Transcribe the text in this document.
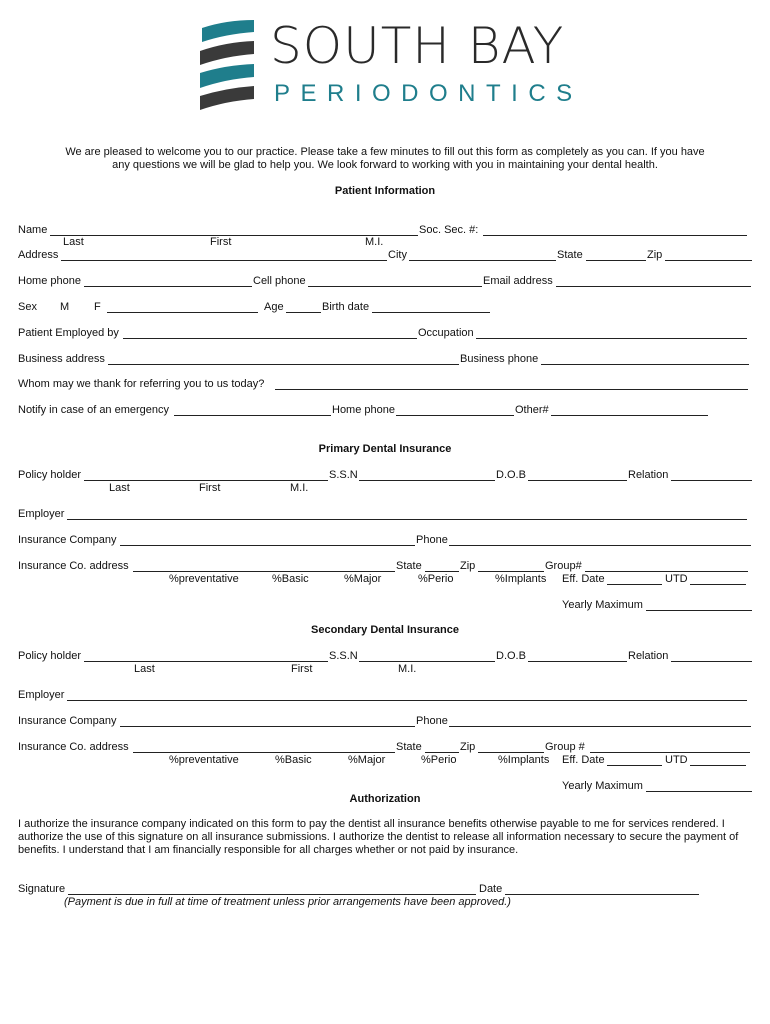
SOUTH BAY
PERIODONTICS
We are pleased to welcome you to our practice. Please take a few minutes to fill out this form as completely as you can. If you have any questions we will be glad to help you. We look forward to working with you in maintaining your dental health.
Patient Information
Name	Soc. Sec. #:
Last	First	M.I.
Address	City	State	Zip
Home phone	Cell phone	Email address
Sex M F	Age	Birth date
Patient Employed by	Occupation
Business address	Business phone
Whom may we thank for referring you to us today?
Notify in case of an emergency	Home phone	Other#
Primary Dental Insurance
Policy holder	S.S.N	D.O.B	Relation
Last	First	M.I.
Employer
Insurance Company	Phone
Insurance Co. address	State	Zip	Group#
%preventative	%Basic	%Major	%Perio	%Implants Eff. Date	UTD
Yearly Maximum
Secondary Dental Insurance
Policy holder	S.S.N	D.O.B	Relation
Last	First	M.I.
Employer
Insurance Company	Phone
Insurance Co. address	State	Zip	Group #
%preventative	%Basic	%Major	%Perio	%Implants Eff. Date	UTD
Yearly Maximum
Authorization
I authorize the insurance company indicated on this form to pay the dentist all insurance benefits otherwise payable to me for services rendered. I authorize the use of this signature on all insurance submissions. I authorize the dentist to release all information necessary to secure the payment of benefits. I understand that I am financially responsible for all charges whether or not paid by insurance.
Signature	Date
(Payment is due in full at time of treatment unless prior arrangements have been approved.)
